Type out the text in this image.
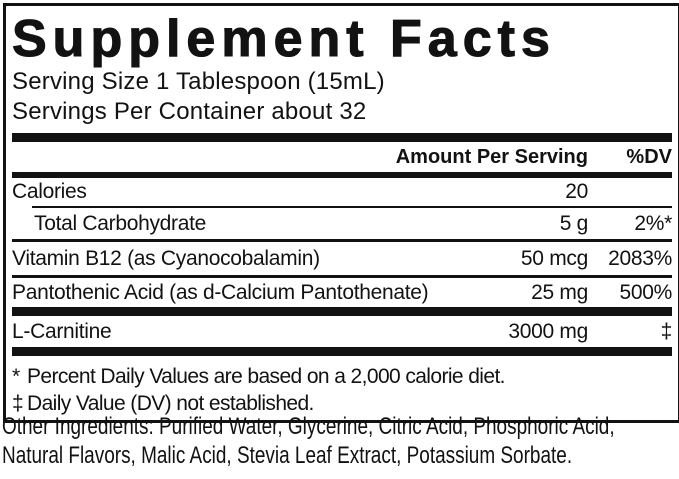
Supplement Facts
Serving Size 1 Tablespoon (15mL)
Servings Per Container about 32
Amount Per Serving	%DV
Calories	20
Total Carbohydrate	5 g	2%*
Vitamin B12 (as Cyanocobalamin)	50 mcg 2083%
Pantothenic Acid (as d-Calcium Pantothenate)	25 mg	500%
L-Carnitine	3000 mg	‡
* Percent Daily Values are based on a 2,000 calorie diet.
‡ Daily Value (DV) not established.
Other Ingredients: Purified Water, Glycerine, Citric Acid, Phosphoric Acid,
Natural Flavors, Malic Acid, Stevia Leaf Extract, Potassium Sorbate.
